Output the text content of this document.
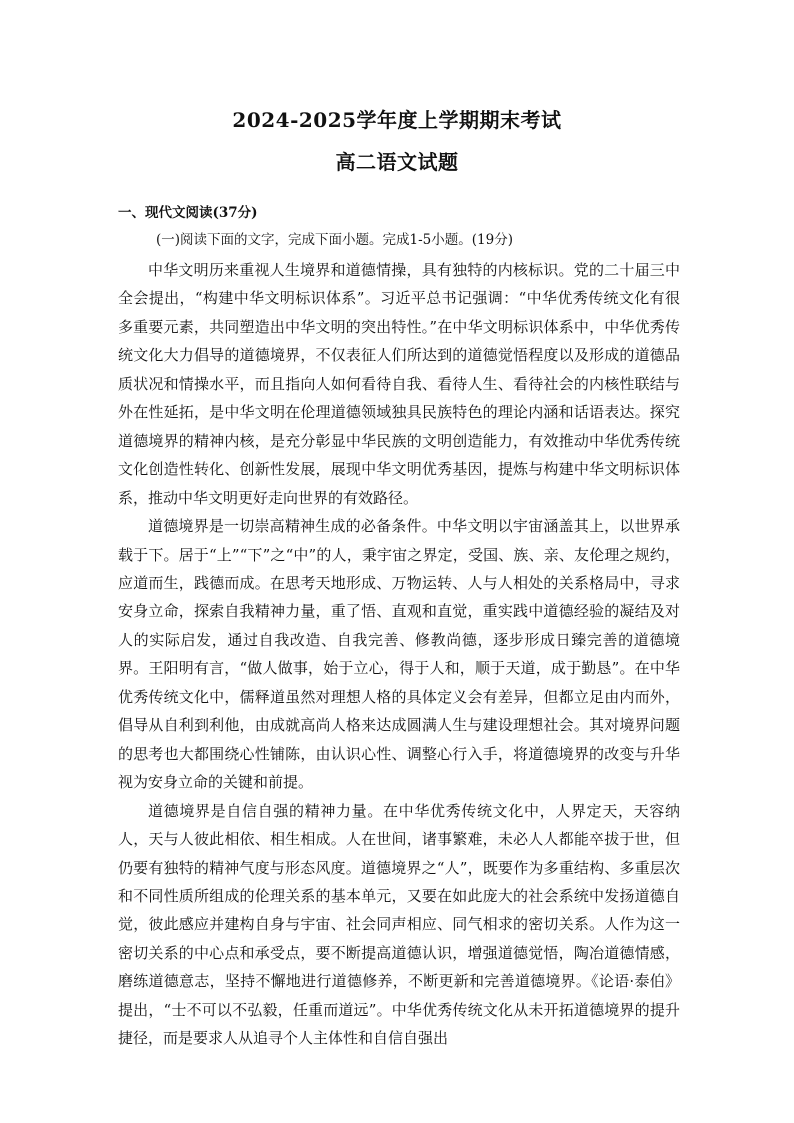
2024-2025学年度上学期期末考试
高二语文试题
一、现代文阅读(37分)
(一)阅读下面的文字，完成下面小题。完成1-5小题。(19分)

中华文明历来重视人生境界和道德情操，具有独特的内核标识。党的二十届三中全会提出，“构建中华文明标识体系”。习近平总书记强调：“中华优秀传统文化有很多重要元素，共同塑造出中华文明的突出特性。”在中华文明标识体系中，中华优秀传统文化大力倡导的道德境界，不仅表征人们所达到的道德觉悟程度以及形成的道德品质状况和情操水平，而且指向人如何看待自我、看待人生、看待社会的内核性联结与外在性延拓，是中华文明在伦理道德领域独具民族特色的理论内涵和话语表达。探究道德境界的精神内核，是充分彰显中华民族的文明创造能力，有效推动中华优秀传统文化创造性转化、创新性发展，展现中华文明优秀基因，提炼与构建中华文明标识体系，推动中华文明更好走向世界的有效路径。

道德境界是一切崇高精神生成的必备条件。中华文明以宇宙涵盖其上，以世界承载于下。居于“上”“下”之“中”的人，秉宇宙之界定，受国、族、亲、友伦理之规约，应道而生，践德而成。在思考天地形成、万物运转、人与人相处的关系格局中，寻求安身立命，探索自我精神力量，重了悟、直观和直觉，重实践中道德经验的凝结及对人的实际启发，通过自我改造、自我完善、修教尚德，逐步形成日臻完善的道德境界。王阳明有言，“做人做事，始于立心，得于人和，顺于天道，成于勤恳”。在中华优秀传统文化中，儒释道虽然对理想人格的具体定义会有差异，但都立足由内而外，倡导从自利到利他，由成就高尚人格来达成圆满人生与建设理想社会。其对境界问题的思考也大都围绕心性铺陈，由认识心性、调整心行入手，将道德境界的改变与升华视为安身立命的关键和前提。

道德境界是自信自强的精神力量。在中华优秀传统文化中，人界定天，天容纳人，天与人彼此相依、相生相成。人在世间，诸事繁难，未必人人都能卒拔于世，但仍要有独特的精神气度与形态风度。道德境界之“人”，既要作为多重结构、多重层次和不同性质所组成的伦理关系的基本单元，又要在如此庞大的社会系统中发扬道德自觉，彼此感应并建构自身与宇宙、社会同声相应、同气相求的密切关系。人作为这一密切关系的中心点和承受点，要不断提高道德认识，增强道德觉悟，陶冶道德情感，磨练道德意志，坚持不懈地进行道德修养，不断更新和完善道德境界。《论语·泰伯》提出，“士不可以不弘毅，任重而道远”。中华优秀传统文化从未开拓道德境界的提升捷径，而是要求人从追寻个人主体性和自信自强出
